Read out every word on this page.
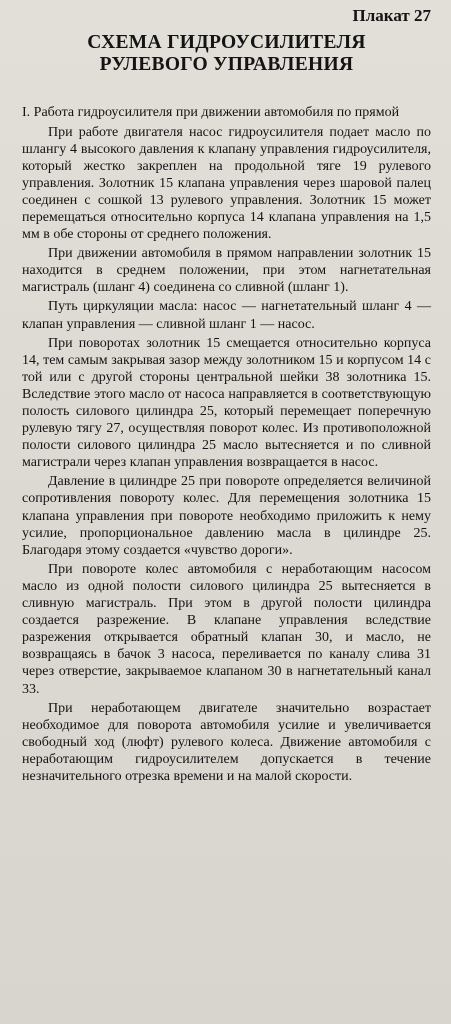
Плакат 27
СХЕМА ГИДРОУСИЛИТЕЛЯ
РУЛЕВОГО УПРАВЛЕНИЯ
I. Работа гидроусилителя при движении автомобиля по прямой

При работе двигателя насос гидроусилителя подает масло по шлангу 4 высокого давления к клапану управления гидроусилителя, который жестко закреплен на продольной тяге 19 рулевого управления. Золотник 15 клапана управления через шаровой палец соединен с сошкой 13 рулевого управления. Золотник 15 может перемещаться относительно корпуса 14 клапана управления на 1,5 мм в обе стороны от среднего положения.

При движении автомобиля в прямом направлении золотник 15 находится в среднем положении, при этом нагнетательная магистраль (шланг 4) соединена со сливной (шланг 1).

Путь циркуляции масла: насос — нагнетательный шланг 4 — клапан управления — сливной шланг 1 — насос.

При поворотах золотник 15 смещается относительно корпуса 14, тем самым закрывая зазор между золотником 15 и корпусом 14 с той или с другой стороны центральной шейки 38 золотника 15. Вследствие этого масло от насоса направляется в соответствующую полость силового цилиндра 25, который перемещает поперечную рулевую тягу 27, осуществляя поворот колес. Из противоположной полости силового цилиндра 25 масло вытесняется и по сливной магистрали через клапан управления возвращается в насос.

Давление в цилиндре 25 при повороте определяется величиной сопротивления повороту колес. Для перемещения золотника 15 клапана управления при повороте необходимо приложить к нему усилие, пропорциональное давлению масла в цилиндре 25. Благодаря этому создается «чувство дороги».

При повороте колес автомобиля с неработающим насосом масло из одной полости силового цилиндра 25 вытесняется в сливную магистраль. При этом в другой полости цилиндра создается разрежение. В клапане управления вследствие разрежения открывается обратный клапан 30, и масло, не возвращаясь в бачок 3 насоса, переливается по каналу слива 31 через отверстие, закрываемое клапаном 30 в нагнетательный канал 33.

При неработающем двигателе значительно возрастает необходимое для поворота автомобиля усилие и увеличивается свободный ход (люфт) рулевого колеса. Движение автомобиля с неработающим гидроусилителем допускается в течение незначительного отрезка времени и на малой скорости.
